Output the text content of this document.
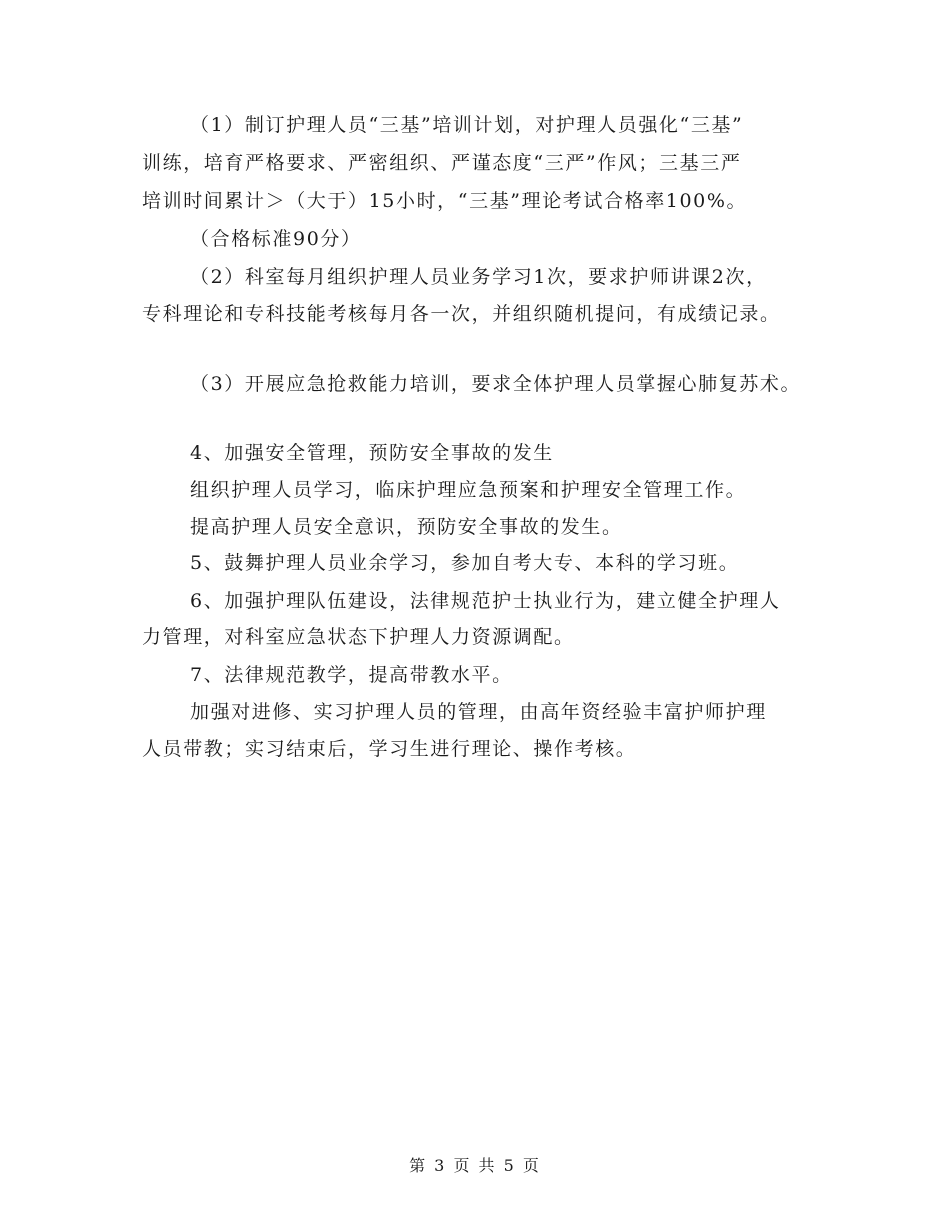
（1）制订护理人员“三基”培训计划，对护理人员强化“三基”
训练，培育严格要求、严密组织、严谨态度“三严”作风；三基三严
培训时间累计＞（大于）15小时，“三基”理论考试合格率100%。
（合格标准90分）
（2）科室每月组织护理人员业务学习1次，要求护师讲课2次，
专科理论和专科技能考核每月各一次，并组织随机提问，有成绩记录。
（3）开展应急抢救能力培训，要求全体护理人员掌握心肺复苏术。
4、加强安全管理，预防安全事故的发生
组织护理人员学习，临床护理应急预案和护理安全管理工作。
提高护理人员安全意识，预防安全事故的发生。
5、鼓舞护理人员业余学习，参加自考大专、本科的学习班。
6、加强护理队伍建设，法律规范护士执业行为，建立健全护理人
力管理，对科室应急状态下护理人力资源调配。
7、法律规范教学，提高带教水平。
加强对进修、实习护理人员的管理，由高年资经验丰富护师护理
人员带教；实习结束后，学习生进行理论、操作考核。
第 3 页 共 5 页
